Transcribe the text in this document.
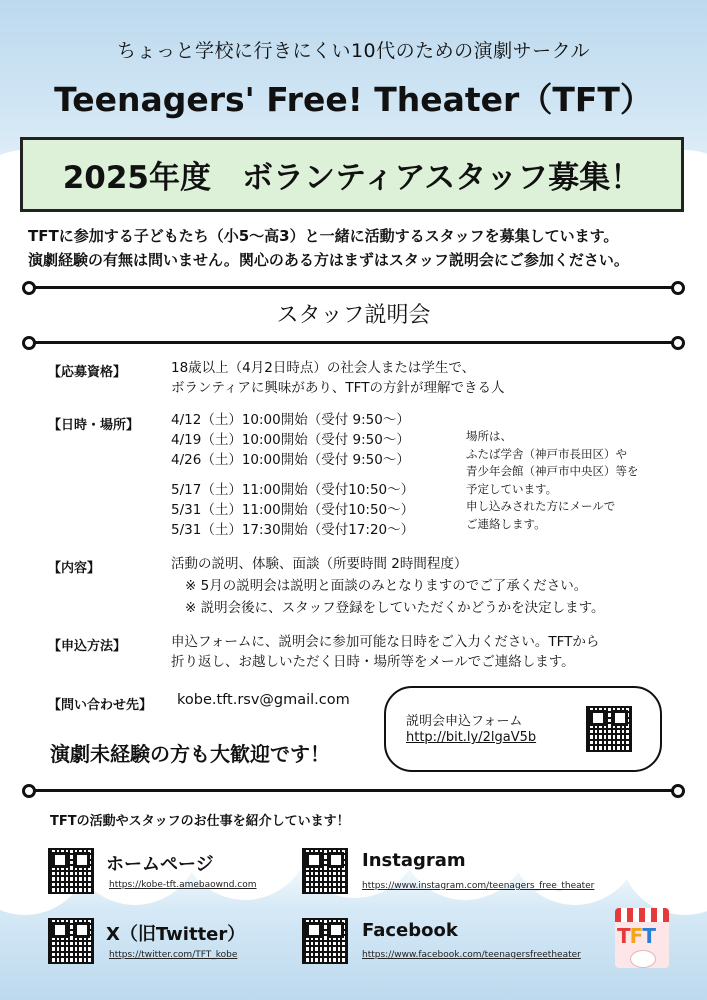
ちょっと学校に行きにくい10代のための演劇サークル
Teenagers' Free! Theater（TFT）
2025年度　ボランティアスタッフ募集！
TFTに参加する子どもたち（小5〜高3）と一緒に活動するスタッフを募集しています。
演劇経験の有無は問いません。関心のある方はまずはスタッフ説明会にご参加ください。
スタッフ説明会
【応募資格】	18歳以上（4月2日時点）の社会人または学生で、
ボランティアに興味があり、TFTの方針が理解できる人
【日時・場所】 4/12（土）10:00開始（受付 9:50〜）
4/19（土）10:00開始（受付 9:50〜）
4/26（土）10:00開始（受付 9:50〜）
5/17（土）11:00開始（受付10:50〜）
5/31（土）11:00開始（受付10:50〜）
5/31（土）17:30開始（受付17:20〜）
場所は、
ふたば学舎（神戸市長田区）や
青少年会館（神戸市中央区）等を
予定しています。
申し込みされた方にメールで
ご連絡します。
【内容】	活動の説明、体験、面談（所要時間 2時間程度）
※ 5月の説明会は説明と面談のみとなりますのでご了承ください。
※ 説明会後に、スタッフ登録をしていただくかどうかを決定します。
【申込方法】	申込フォームに、説明会に参加可能な日時をご入力ください。TFTから
折り返し、お越しいただく日時・場所等をメールでご連絡します。
【問い合わせ先】 kobe.tft.rsv@gmail.com
演劇未経験の方も大歓迎です！
説明会申込フォーム
http://bit.ly/2lgaV5b
TFTの活動やスタッフのお仕事を紹介しています！
ホームページ
https://kobe-tft.amebaownd.com
Instagram
https://www.instagram.com/teenagers_free_theater
X（旧Twitter）
https://twitter.com/TFT_kobe
Facebook
https://www.facebook.com/teenagersfreetheater
TFT
